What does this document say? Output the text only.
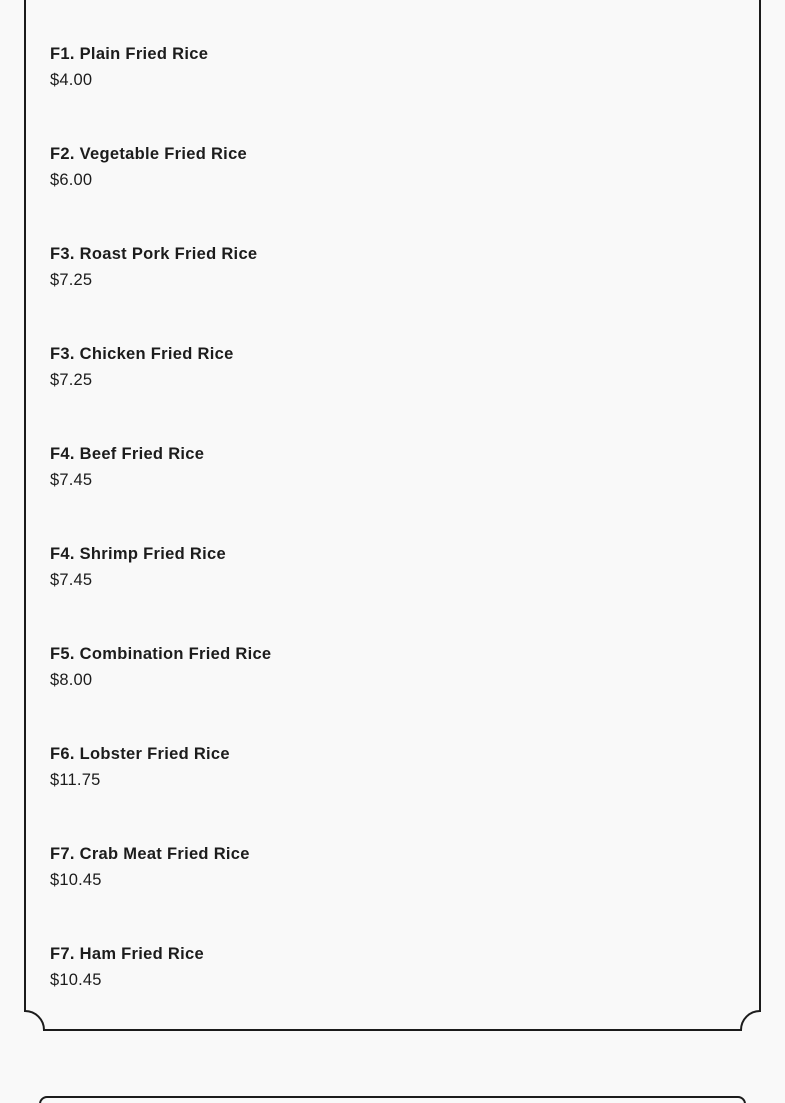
F1. Plain Fried Rice
$4.00
F2. Vegetable Fried Rice
$6.00
F3. Roast Pork Fried Rice
$7.25
F3. Chicken Fried Rice
$7.25
F4. Beef Fried Rice
$7.45
F4. Shrimp Fried Rice
$7.45
F5. Combination Fried Rice
$8.00
F6. Lobster Fried Rice
$11.75
F7. Crab Meat Fried Rice
$10.45
F7. Ham Fried Rice
$10.45
